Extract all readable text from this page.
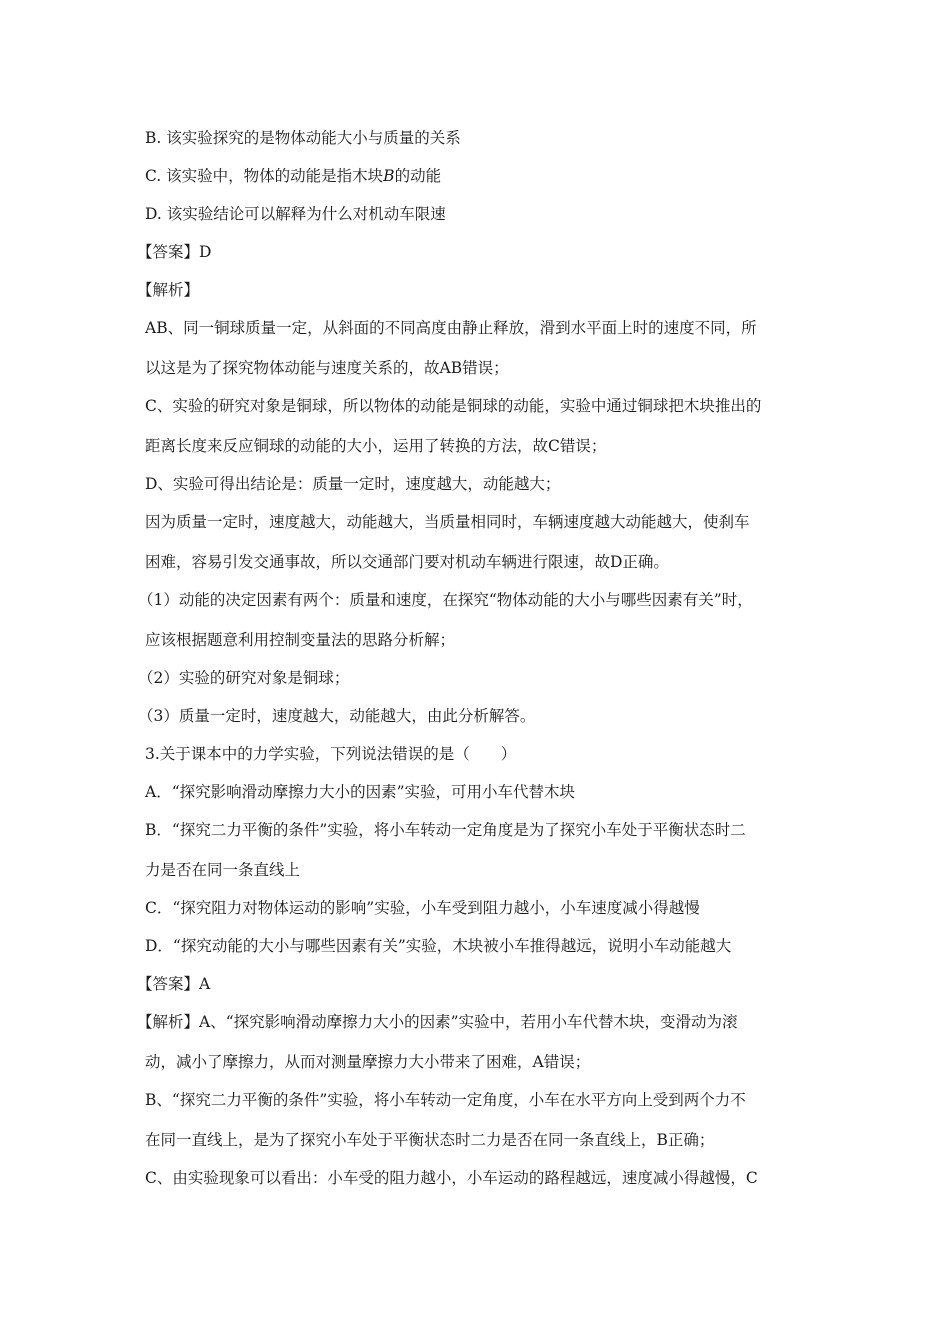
B. 该实验探究的是物体动能大小与质量的关系
C. 该实验中，物体的动能是指木块B的动能
D. 该实验结论可以解释为什么对机动车限速
【答案】D
【解析】
AB、同一铜球质量一定，从斜面的不同高度由静止释放，滑到水平面上时的速度不同，所
以这是为了探究物体动能与速度关系的，故AB错误；
C、实验的研究对象是铜球，所以物体的动能是铜球的动能，实验中通过铜球把木块推出的
距离长度来反应铜球的动能的大小，运用了转换的方法，故C错误；
D、实验可得出结论是：质量一定时，速度越大，动能越大；
因为质量一定时，速度越大，动能越大，当质量相同时，车辆速度越大动能越大，使刹车
困难，容易引发交通事故，所以交通部门要对机动车辆进行限速，故D正确。
（1）动能的决定因素有两个：质量和速度，在探究“物体动能的大小与哪些因素有关”时，
应该根据题意利用控制变量法的思路分析解；
（2）实验的研究对象是铜球；
（3）质量一定时，速度越大，动能越大，由此分析解答。
3.关于课本中的力学实验，下列说法错误的是（　　）
A．“探究影响滑动摩擦力大小的因素”实验，可用小车代替木块
B．“探究二力平衡的条件”实验，将小车转动一定角度是为了探究小车处于平衡状态时二
力是否在同一条直线上
C．“探究阻力对物体运动的影响”实验，小车受到阻力越小，小车速度减小得越慢
D．“探究动能的大小与哪些因素有关”实验，木块被小车推得越远，说明小车动能越大
【答案】A
【解析】A、“探究影响滑动摩擦力大小的因素”实验中，若用小车代替木块，变滑动为滚
动，减小了摩擦力，从而对测量摩擦力大小带来了困难，A错误；
B、“探究二力平衡的条件”实验，将小车转动一定角度，小车在水平方向上受到两个力不
在同一直线上，是为了探究小车处于平衡状态时二力是否在同一条直线上，B正确；
C、由实验现象可以看出：小车受的阻力越小，小车运动的路程越远，速度减小得越慢，C
